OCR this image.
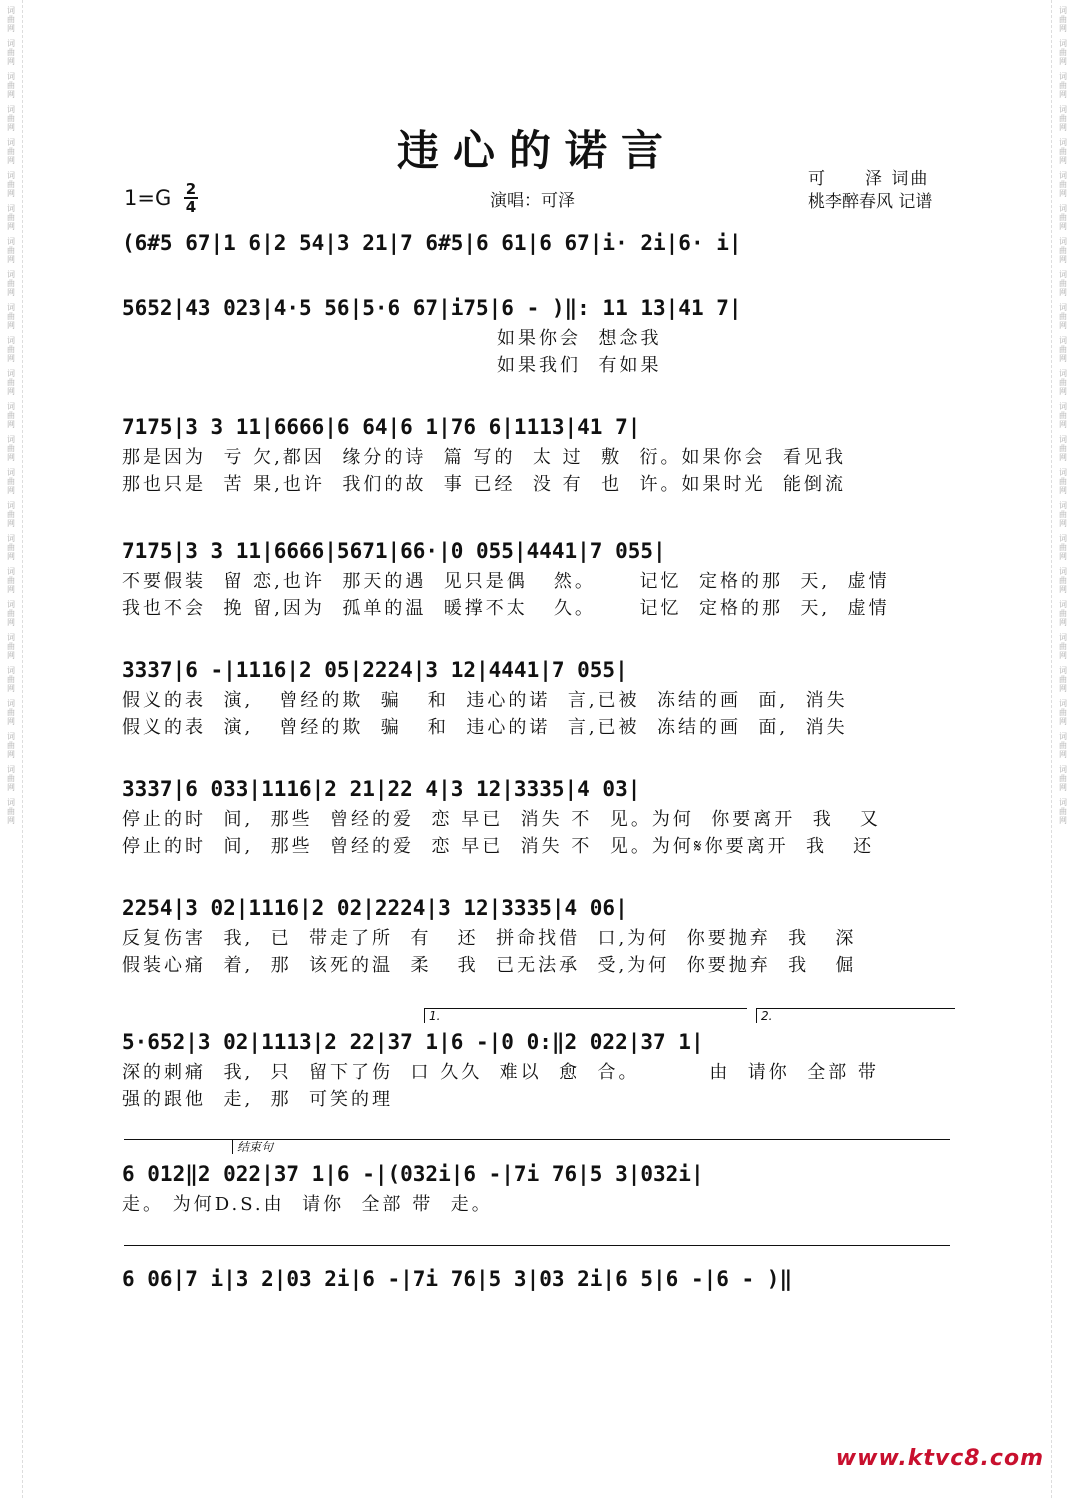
词曲网
词曲网
词曲网
词曲网
词曲网
词曲网
词曲网
词曲网
词曲网
词曲网
词曲网
词曲网
词曲网
词曲网
词曲网
词曲网
词曲网
词曲网
词曲网
词曲网
词曲网
词曲网
词曲网
词曲网
词曲网
词曲网
词曲网
词曲网
词曲网
词曲网
词曲网
词曲网
词曲网
词曲网
词曲网
词曲网
词曲网
词曲网
词曲网
词曲网
词曲网
词曲网
词曲网
词曲网
词曲网
词曲网
词曲网
词曲网
词曲网
词曲网
违心的诺言
1=G 2
4	演唱：可泽
可　　泽 词曲
桃李醉春风 记谱
(6#5 67|1 6|2 54|3 21|7 6#5|6 61|6 67|i· 2i|6· i|
5652|43 023|4·5 56|5·6 67|i75|6 - )‖: 11 13|41 7|
如果你会  想念我
如果我们  有如果
7175|3 3 11|6666|6 64|6 1|76 6|1113|41 7|
那是因为  亏 欠,都因  缘分的诗  篇 写的  太 过  敷  衍。如果你会  看见我
那也只是  苦 果,也许  我们的故  事 已经  没 有  也  许。如果时光  能倒流
7175|3 3 11|6666|5671|66·|0 055|4441|7 055|
不要假装  留 恋,也许  那天的遇  见只是偶   然。     记忆  定格的那  天,  虚情
我也不会  挽 留,因为  孤单的温  暖撑不太   久。     记忆  定格的那  天,  虚情
3337|6 -|1116|2 05|2224|3 12|4441|7 055|
假义的表  演,   曾经的欺  骗   和  违心的诺  言,已被  冻结的画  面,  消失
假义的表  演,   曾经的欺  骗   和  违心的诺  言,已被  冻结的画  面,  消失
3337|6 033|1116|2 21|22 4|3 12|3335|4 03|
停止的时  间,  那些  曾经的爱  恋 早已  消失 不  见。为何  你要离开  我   又
停止的时  间,  那些  曾经的爱  恋 早已  消失 不  见。为何𝄋你要离开  我   还
2254|3 02|1116|2 02|2224|3 12|3335|4 06|
反复伤害  我,  已  带走了所  有   还  拼命找借  口,为何  你要抛弃  我   深
假装心痛  着,  那  该死的温  柔   我  已无法承  受,为何  你要抛弃  我   倔
1.	2.
5·652|3 02|1113|2 22|37 1|6 -|0 0:‖2 022|37 1|
深的刺痛  我,  只  留下了伤  口 久久  难以  愈  合。        由  请你  全部 带
强的跟他  走,  那  可笑的理
结束句
6 012‖2 022|37 1|6 -|(032i|6 -|7i 76|5 3|032i|
走。 为何D.S.由  请你  全部 带  走。
6 06|7 i|3 2|03 2i|6 -|7i 76|5 3|03 2i|6 5|6 -|6 - )‖
www.ktvc8.com
